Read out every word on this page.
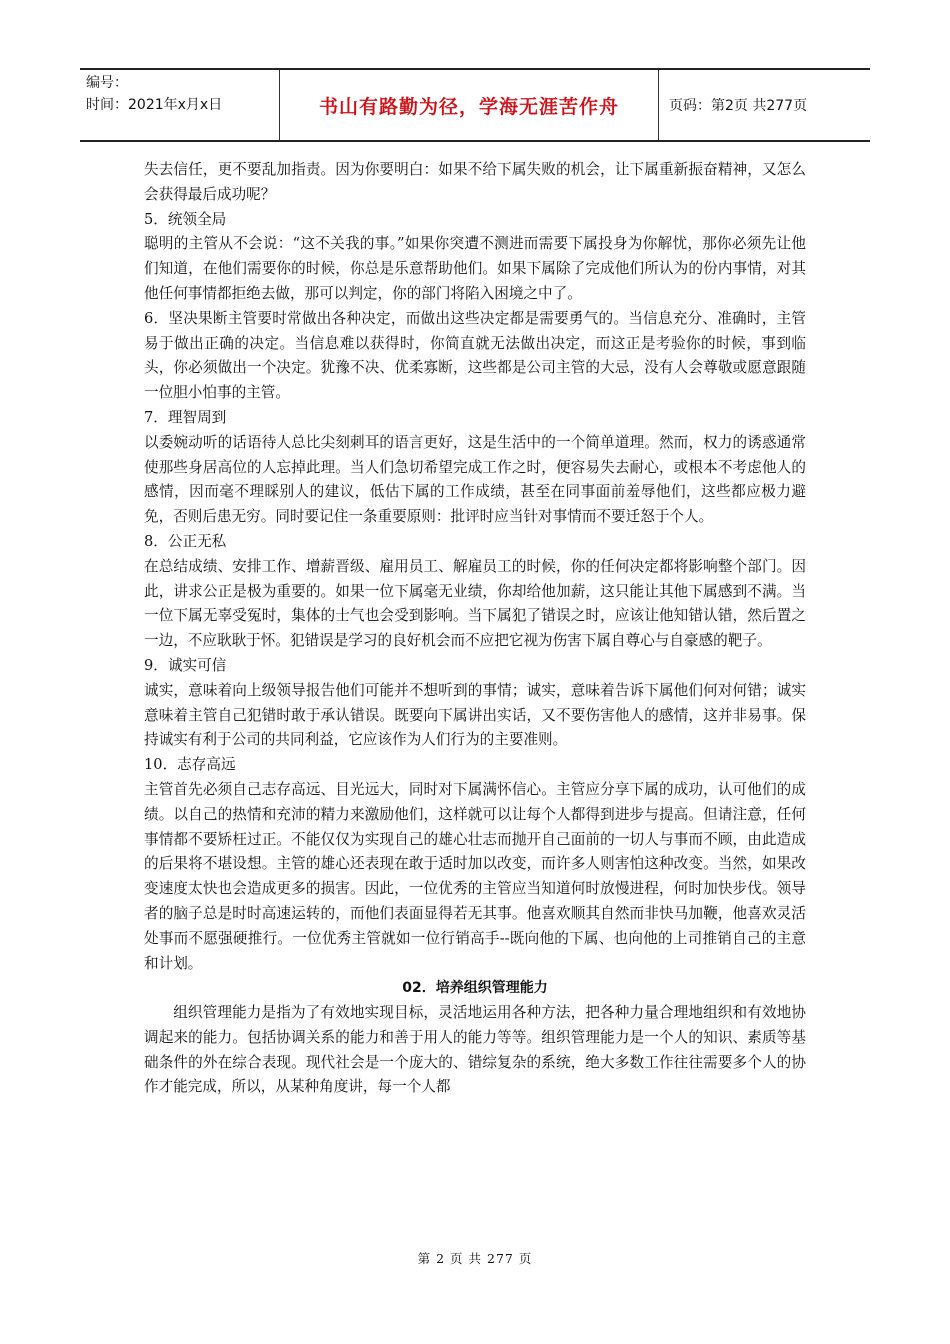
编号：
时间：2021年x月x日	书山有路勤为径，学海无涯苦作舟	页码：第2页 共277页

失去信任，更不要乱加指责。因为你要明白：如果不给下属失败的机会，让下属重新振奋精神，又怎么会获得最后成功呢？

5．统领全局

聪明的主管从不会说：“这不关我的事。”如果你突遭不测进而需要下属投身为你解忧，那你必须先让他们知道，在他们需要你的时候，你总是乐意帮助他们。如果下属除了完成他们所认为的份内事情，对其他任何事情都拒绝去做，那可以判定，你的部门将陷入困境之中了。

6．坚决果断主管要时常做出各种决定，而做出这些决定都是需要勇气的。当信息充分、准确时，主管易于做出正确的决定。当信息难以获得时，你简直就无法做出决定，而这正是考验你的时候，事到临头，你必须做出一个决定。犹豫不决、优柔寡断，这些都是公司主管的大忌，没有人会尊敬或愿意跟随一位胆小怕事的主管。

7．理智周到

以委婉动听的话语待人总比尖刻刺耳的语言更好，这是生活中的一个简单道理。然而，权力的诱惑通常使那些身居高位的人忘掉此理。当人们急切希望完成工作之时，便容易失去耐心，或根本不考虑他人的感情，因而毫不理睬别人的建议，低估下属的工作成绩，甚至在同事面前羞辱他们，这些都应极力避免，否则后患无穷。同时要记住一条重要原则：批评时应当针对事情而不要迁怒于个人。

8．公正无私

在总结成绩、安排工作、增薪晋级、雇用员工、解雇员工的时候，你的任何决定都将影响整个部门。因此，讲求公正是极为重要的。如果一位下属毫无业绩，你却给他加薪，这只能让其他下属感到不满。当一位下属无辜受冤时，集体的士气也会受到影响。当下属犯了错误之时，应该让他知错认错，然后置之一边，不应耿耿于怀。犯错误是学习的良好机会而不应把它视为伤害下属自尊心与自豪感的靶子。

9．诚实可信

诚实，意味着向上级领导报告他们可能并不想听到的事情；诚实，意味着告诉下属他们何对何错；诚实意味着主管自己犯错时敢于承认错误。既要向下属讲出实话，又不要伤害他人的感情，这并非易事。保持诚实有利于公司的共同利益，它应该作为人们行为的主要准则。

10．志存高远

主管首先必须自己志存高远、目光远大，同时对下属满怀信心。主管应分享下属的成功，认可他们的成绩。以自己的热情和充沛的精力来激励他们，这样就可以让每个人都得到进步与提高。但请注意，任何事情都不要矫枉过正。不能仅仅为实现自己的雄心壮志而抛开自己面前的一切人与事而不顾，由此造成的后果将不堪设想。主管的雄心还表现在敢于适时加以改变，而许多人则害怕这种改变。当然，如果改变速度太快也会造成更多的损害。因此，一位优秀的主管应当知道何时放慢进程，何时加快步伐。领导者的脑子总是时时高速运转的，而他们表面显得若无其事。他喜欢顺其自然而非快马加鞭，他喜欢灵活处事而不愿强硬推行。一位优秀主管就如一位行销高手--既向他的下属、也向他的上司推销自己的主意和计划。

02．培养组织管理能力

组织管理能力是指为了有效地实现目标，灵活地运用各种方法，把各种力量合理地组织和有效地协调起来的能力。包括协调关系的能力和善于用人的能力等等。组织管理能力是一个人的知识、素质等基础条件的外在综合表现。现代社会是一个庞大的、错综复杂的系统，绝大多数工作往往需要多个人的协作才能完成，所以，从某种角度讲，每一个人都

第 2 页 共 277 页
